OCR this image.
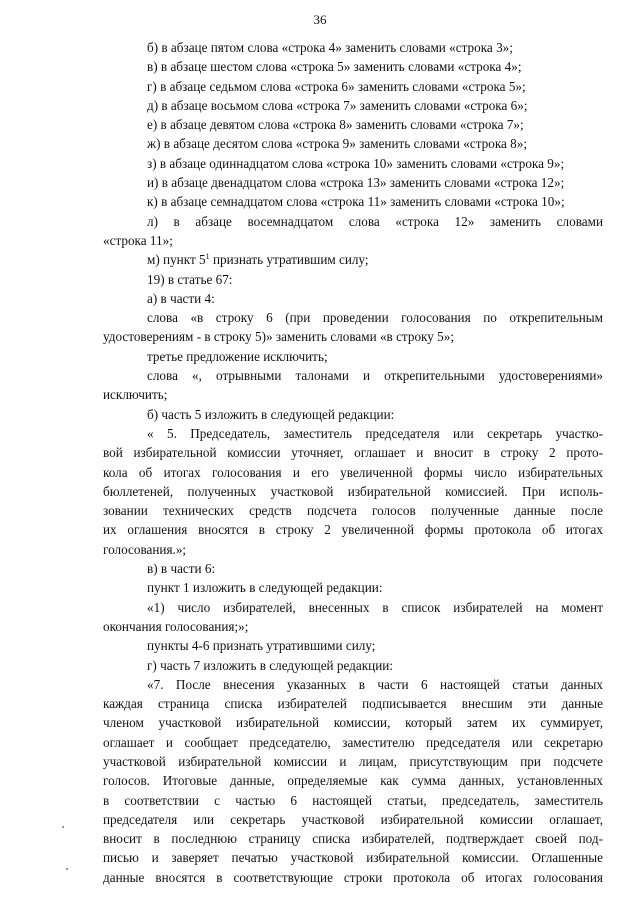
36
б) в абзаце пятом слова «строка 4» заменить словами «строка 3»;
в) в абзаце шестом слова «строка 5» заменить словами «строка 4»;
г) в абзаце седьмом слова «строка 6» заменить словами «строка 5»;
д) в абзаце восьмом слова «строка 7» заменить словами «строка 6»;
е) в абзаце девятом слова «строка 8» заменить словами «строка 7»;
ж) в абзаце десятом слова «строка 9» заменить словами «строка 8»;
з) в абзаце одиннадцатом слова «строка 10» заменить словами «строка 9»;
и) в абзаце двенадцатом слова «строка 13» заменить словами «строка 12»;
к) в абзаце семнадцатом слова «строка 11» заменить словами «строка 10»;
л) в абзаце восемнадцатом слова «строка 12» заменить словами
«строка 11»;
м) пункт $5^1$ признать утратившим силу;
19) в статье 67:
а) в части 4:
слова «в строку 6 (при проведении голосования по открепительным
удостоверениям - в строку 5)» заменить словами «в строку 5»;
третье предложение исключить;
слова «, отрывными талонами и открепительными удостоверениями»
исключить;
б) часть 5 изложить в следующей редакции:
« 5. Председатель, заместитель председателя или секретарь участко-
вой избирательной комиссии уточняет, оглашает и вносит в строку 2 прото-
кола об итогах голосования и его увеличенной формы число избирательных
бюллетеней, полученных участковой избирательной комиссией. При исполь-
зовании технических средств подсчета голосов полученные данные после
их оглашения вносятся в строку 2 увеличенной формы протокола об итогах
голосования.»;
в) в части 6:
пункт 1 изложить в следующей редакции:
«1) число избирателей, внесенных в список избирателей на момент
окончания голосования;»;
пункты 4-6 признать утратившими силу;
г) часть 7 изложить в следующей редакции:
«7. После внесения указанных в части 6 настоящей статьи данных
каждая страница списка избирателей подписывается внесшим эти данные
членом участковой избирательной комиссии, который затем их суммирует,
оглашает и сообщает председателю, заместителю председателя или секретарю
участковой избирательной комиссии и лицам, присутствующим при подсчете
голосов. Итоговые данные, определяемые как сумма данных, установленных
в соответствии с частью 6 настоящей статьи, председатель, заместитель
председателя или секретарь участковой избирательной комиссии оглашает,
вносит в последнюю страницу списка избирателей, подтверждает своей под-
писью и заверяет печатью участковой избирательной комиссии. Оглашенные
данные вносятся в соответствующие строки протокола об итогах голосования
